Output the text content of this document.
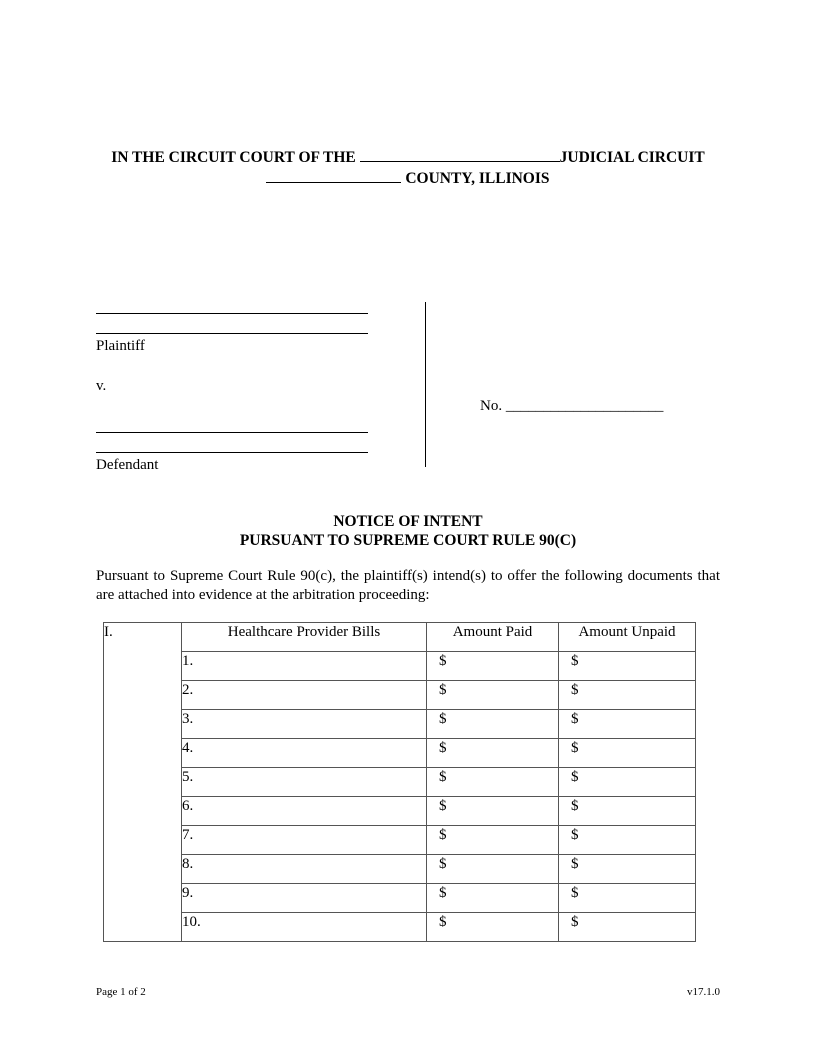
IN THE CIRCUIT COURT OF THE	JUDICIAL CIRCUIT
COUNTY, ILLINOIS
Plaintiff
v.
Defendant
No. _____________________
NOTICE OF INTENT
PURSUANT TO SUPREME COURT RULE 90(C)
Pursuant to Supreme Court Rule 90(c), the plaintiff(s) intend(s) to offer the following documents that are attached into evidence at the arbitration proceeding:
I.	Healthcare Provider Bills	Amount Paid	Amount Unpaid
	1.	$	$
	2.	$	$
	3.	$	$
	4.	$	$
	5.	$	$
	6.	$	$
	7.	$	$
	8.	$	$
	9.	$	$
	10.	$	$
Page 1 of 2	v17.1.0
